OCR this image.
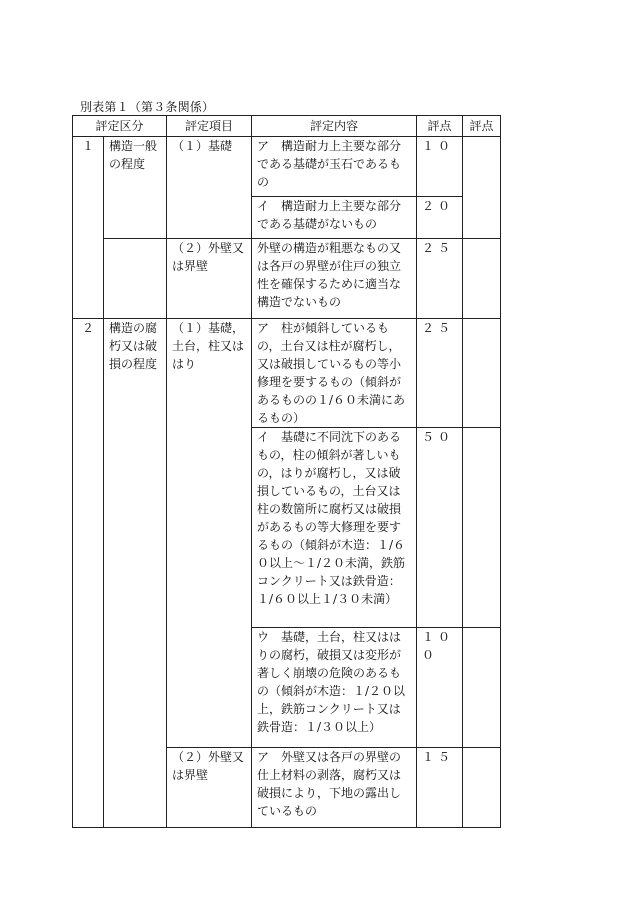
別表第１（第３条関係）
評定区分		評定項目	評定内容	評点	評点
１	構造一般の程度	（１）基礎	ア　構造耐力上主要な部分である基礎が玉石であるもの	１０	
			イ　構造耐力上主要な部分である基礎がないもの	２０	
		（２）外壁又は界壁	外壁の構造が粗悪なもの又は各戸の界壁が住戸の独立性を確保するために適当な構造でないもの	２５	
２	構造の腐朽又は破損の程度	（１）基礎，土台，柱又ははり	ア　柱が傾斜しているもの，土台又は柱が腐朽し，又は破損しているもの等小修理を要するもの（傾斜があるものの１/６０未満にあるもの）	２５	
			イ　基礎に不同沈下のあるもの，柱の傾斜が著しいもの，はりが腐朽し，又は破損しているもの，土台又は柱の数箇所に腐朽又は破損があるもの等大修理を要するもの（傾斜が木造：１/６０以上～１/２０未満，鉄筋コンクリート又は鉄骨造：１/６０以上１/３０未満）	５０	
			ウ　基礎，土台，柱又ははりの腐朽，破損又は変形が著しく崩壊の危険のあるもの（傾斜が木造：１/２０以上，鉄筋コンクリート又は鉄骨造：１/３０以上）	１００	
		（２）外壁又は界壁	ア　外壁又は各戸の界壁の仕上材料の剥落，腐朽又は破損により，下地の露出しているもの	１５	
